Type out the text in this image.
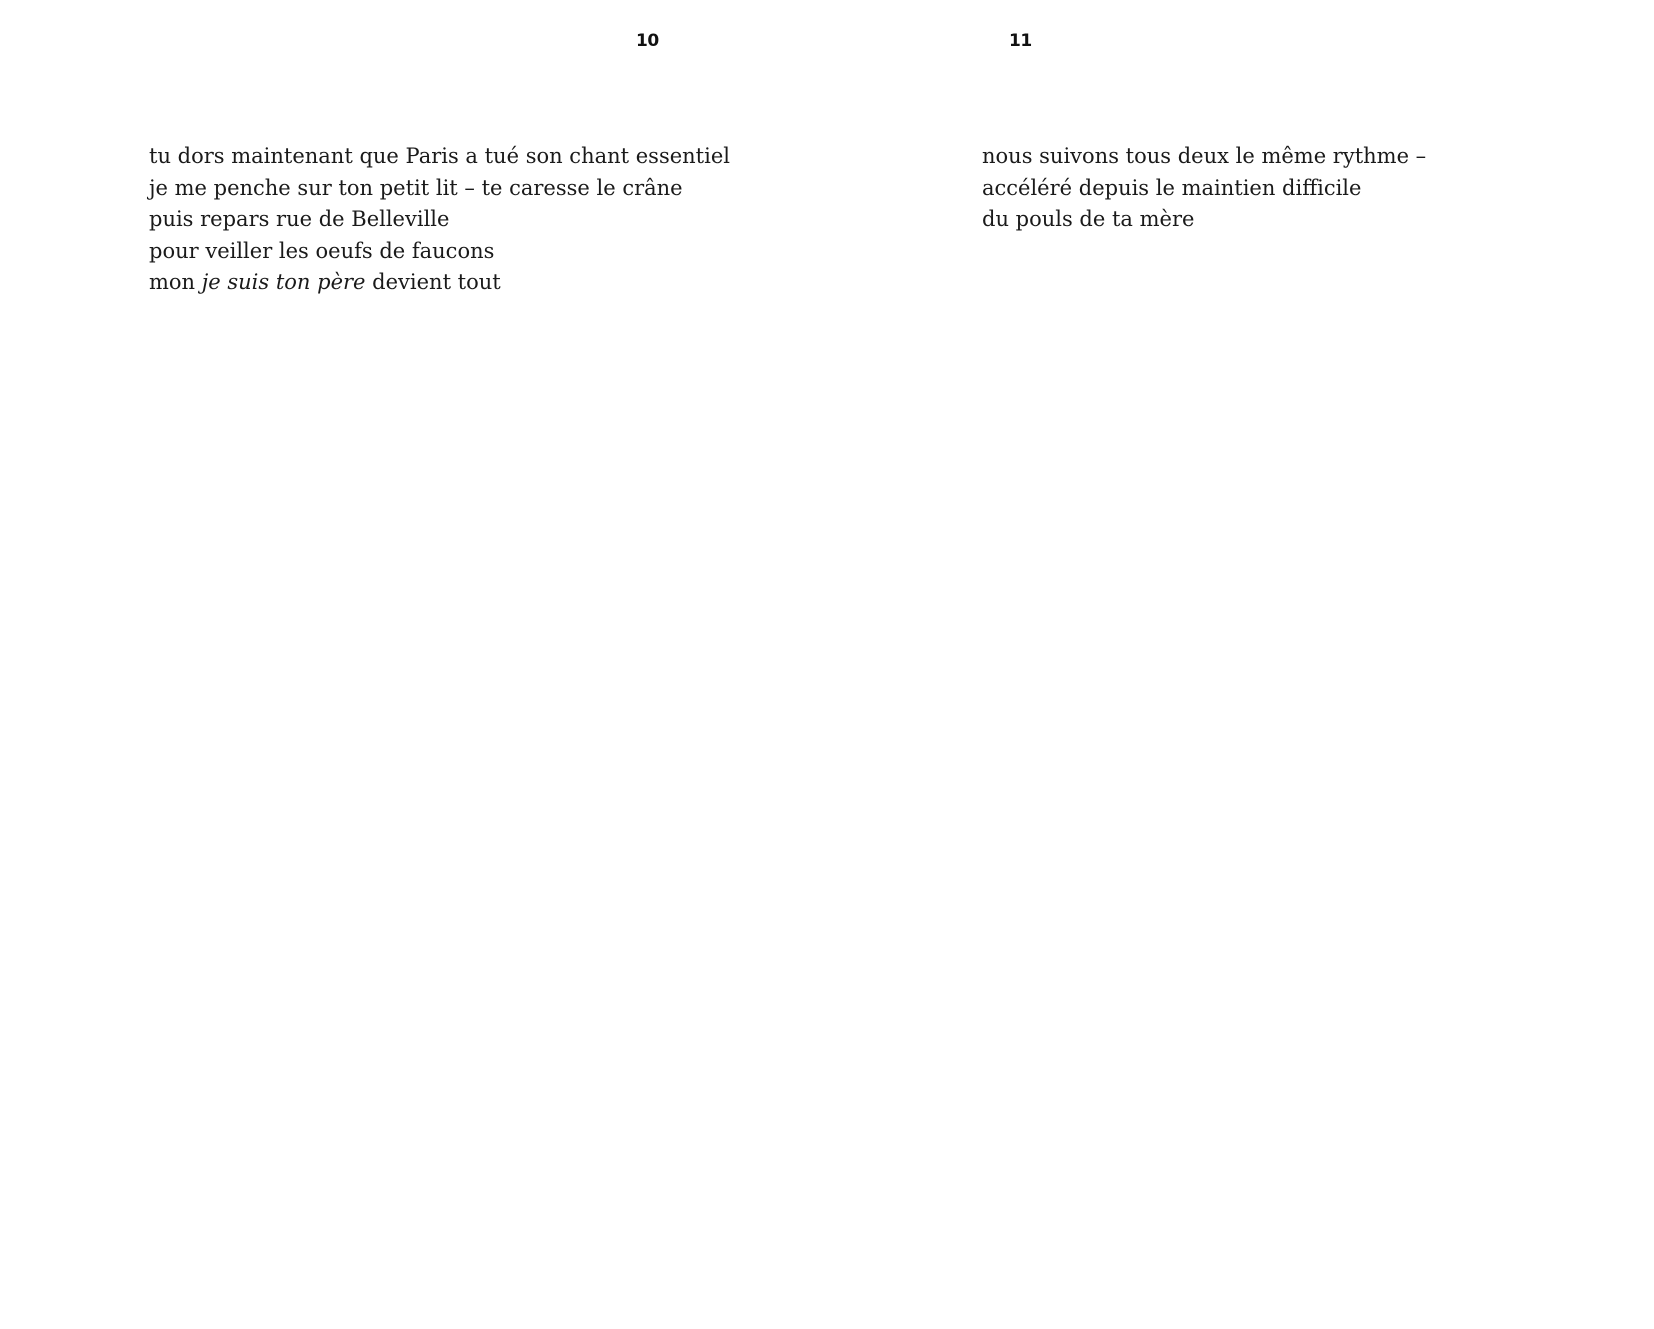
10
tu dors maintenant que Paris a tué son chant essentiel
je me penche sur ton petit lit – te caresse le crâne
puis repars rue de Belleville
pour veiller les oeufs de faucons
mon je suis ton père devient tout
11
nous suivons tous deux le même rythme –
accéléré depuis le maintien difficile
du pouls de ta mère
